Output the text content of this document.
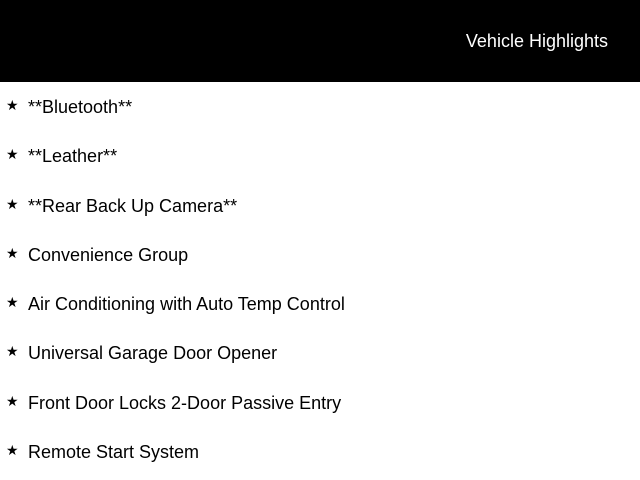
Vehicle Highlights
★ **Bluetooth**
★ **Leather**
★ **Rear Back Up Camera**
★ Convenience Group
★ Air Conditioning with Auto Temp Control
★ Universal Garage Door Opener
★ Front Door Locks 2-Door Passive Entry
★ Remote Start System
